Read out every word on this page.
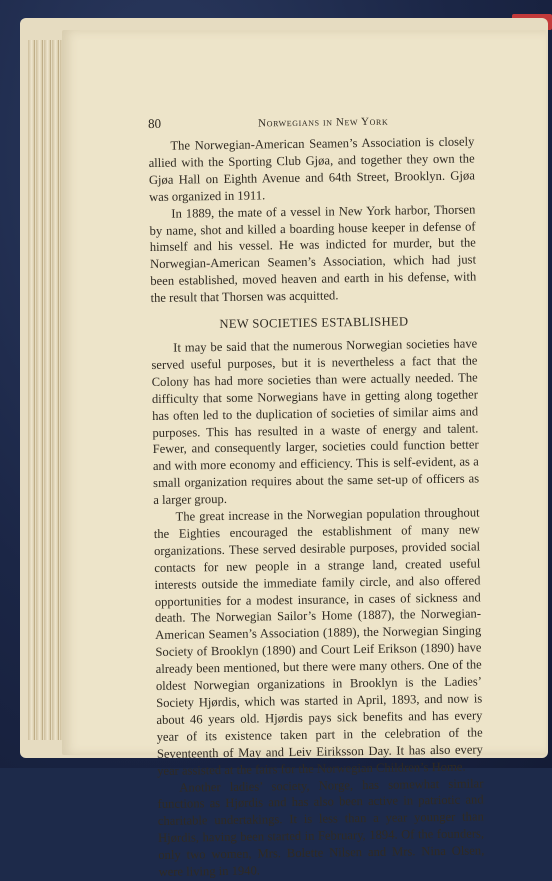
80	Norwegians in New York

The Norwegian-American Seamen’s Association is closely allied with the Sporting Club Gjøa, and together they own the Gjøa Hall on Eighth Avenue and 64th Street, Brooklyn. Gjøa was organized in 1911.

In 1889, the mate of a vessel in New York harbor, Thorsen by name, shot and killed a boarding house keeper in defense of himself and his vessel. He was indicted for murder, but the Norwegian-American Seamen’s Association, which had just been established, moved heaven and earth in his defense, with the result that Thorsen was acquitted.

NEW SOCIETIES ESTABLISHED

It may be said that the numerous Norwegian societies have served useful purposes, but it is nevertheless a fact that the Colony has had more societies than were actually needed. The difficulty that some Norwegians have in getting along together has often led to the duplication of societies of similar aims and purposes. This has resulted in a waste of energy and talent. Fewer, and consequently larger, societies could function better and with more economy and efficiency. This is self-evident, as a small organization requires about the same set-up of officers as a larger group.

The great increase in the Norwegian population throughout the Eighties encouraged the establishment of many new organizations. These served desirable purposes, provided social contacts for new people in a strange land, created useful interests outside the immediate family circle, and also offered opportunities for a modest insurance, in cases of sickness and death. The Norwegian Sailor’s Home (1887), the Norwegian-American Seamen’s Association (1889), the Norwegian Singing Society of Brooklyn (1890) and Court Leif Erikson (1890) have already been mentioned, but there were many others. One of the oldest Norwegian organizations in Brooklyn is the Ladies’ Society Hjørdis, which was started in April, 1893, and now is about 46 years old. Hjørdis pays sick benefits and has every year of its existence taken part in the celebration of the Seventeenth of May and Leiv Eiriksson Day. It has also every year assisted at the fairs for the Norwegian Children’s Home.

Another ladies’ society, Norge, has somewhat similar functions as Hjørdis and has also been active in patriotic and charitable undertakings. It is less than a year younger than Hjørdis, having been started in February, 1894. Of the founders, only two women, Mrs. Bolette Nilsen and Mrs. Nina Olsen, were living in 1940.
